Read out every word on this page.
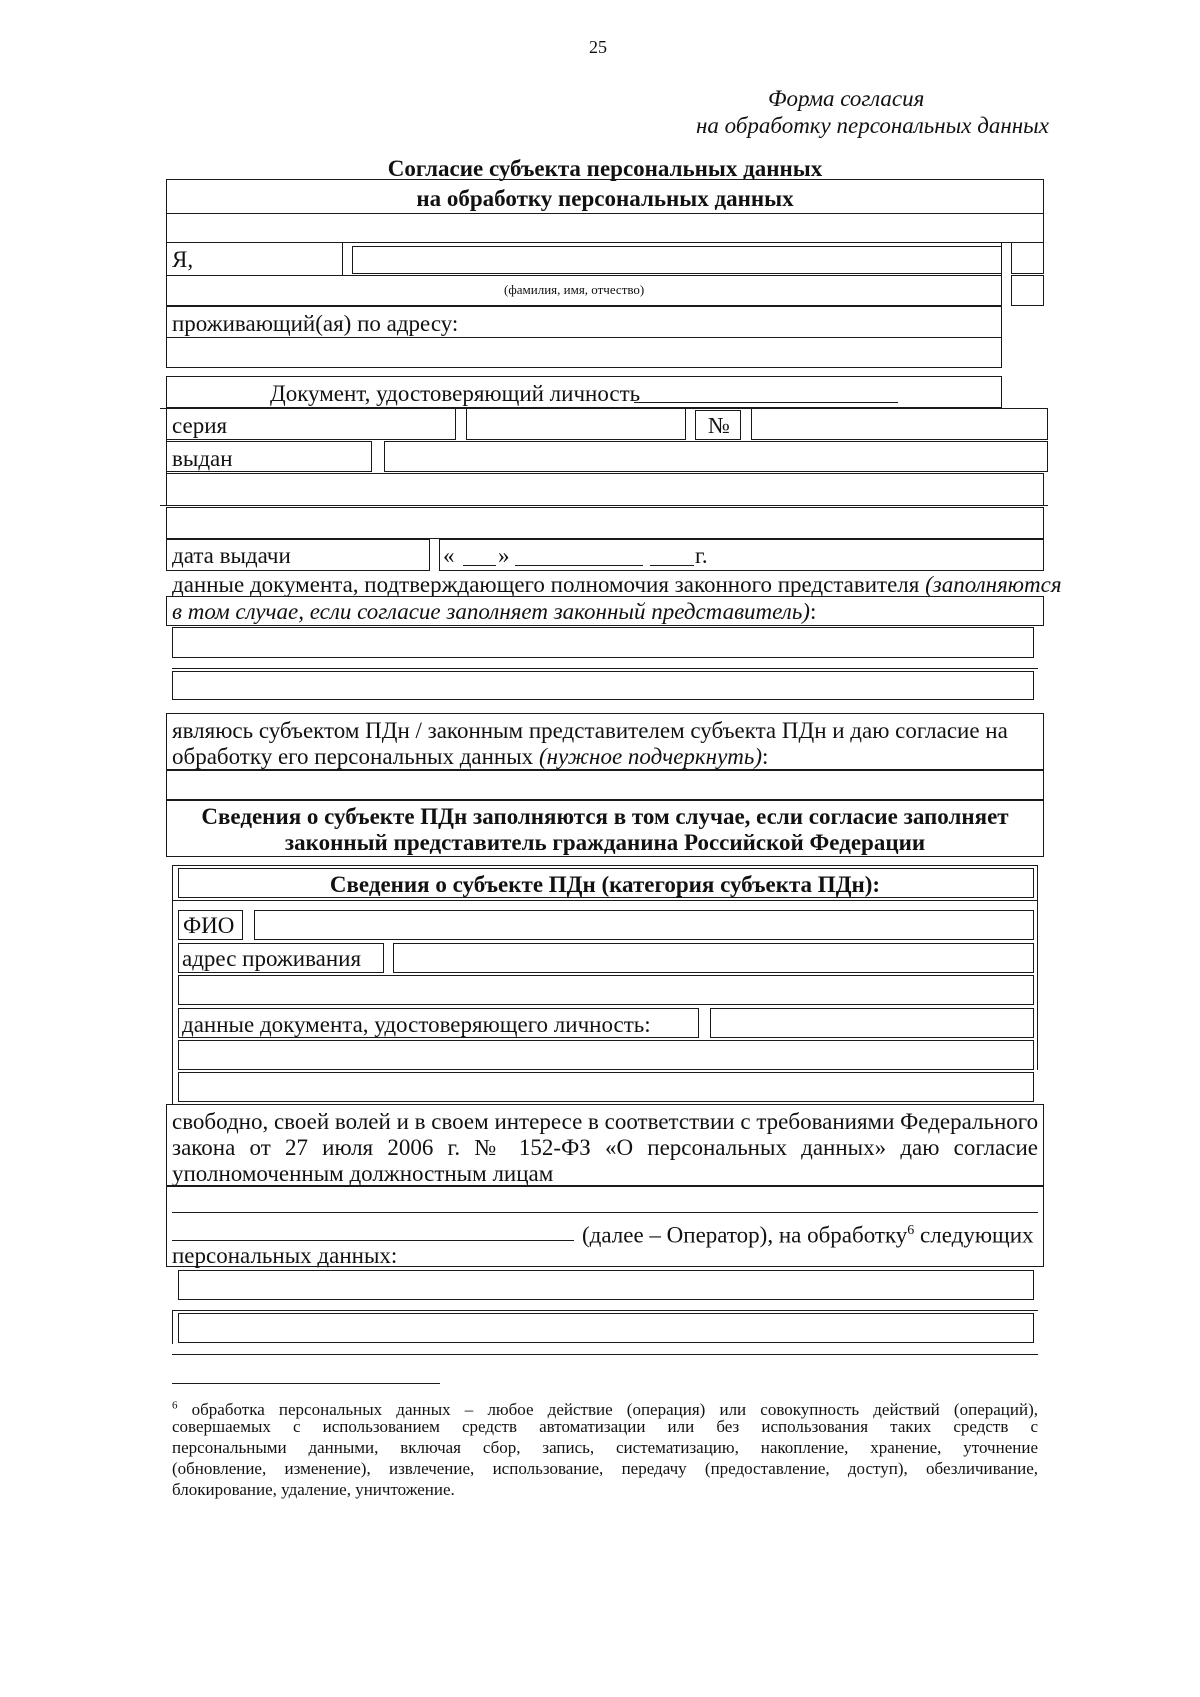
25
Форма согласия
на обработку персональных данных
Согласие субъекта персональных данных
на обработку персональных данных
Я,
(фамилия, имя, отчество)
проживающий(ая) по адресу:
Документ, удостоверяющий личность
серия	№
выдан
дата выдачи	« »	г.
данные документа, подтверждающего полномочия законного представителя (заполняются
в том случае, если согласие заполняет законный представитель):
являюсь субъектом ПДн / законным представителем субъекта ПДн и даю согласие на
обработку его персональных данных (нужное подчеркнуть):
Сведения о субъекте ПДн заполняются в том случае, если согласие заполняет
законный представитель гражданина Российской Федерации
Сведения о субъекте ПДн (категория субъекта ПДн):
ФИО
адрес проживания
данные документа, удостоверяющего личность:
свободно, своей волей и в своем интересе в соответствии с требованиями Федерального
закона от 27 июля 2006 г. № 152-ФЗ «О персональных данных» даю согласие
уполномоченным должностным лицам
(далее – Оператор), на обработку$^6$ следующих
персональных данных:
$^6$ обработка персональных данных – любое действие (операция) или совокупность действий (операций),
совершаемых с использованием средств автоматизации или без использования таких средств с
персональными данными, включая сбор, запись, систематизацию, накопление, хранение, уточнение
(обновление, изменение), извлечение, использование, передачу (предоставление, доступ), обезличивание,
блокирование, удаление, уничтожение.
